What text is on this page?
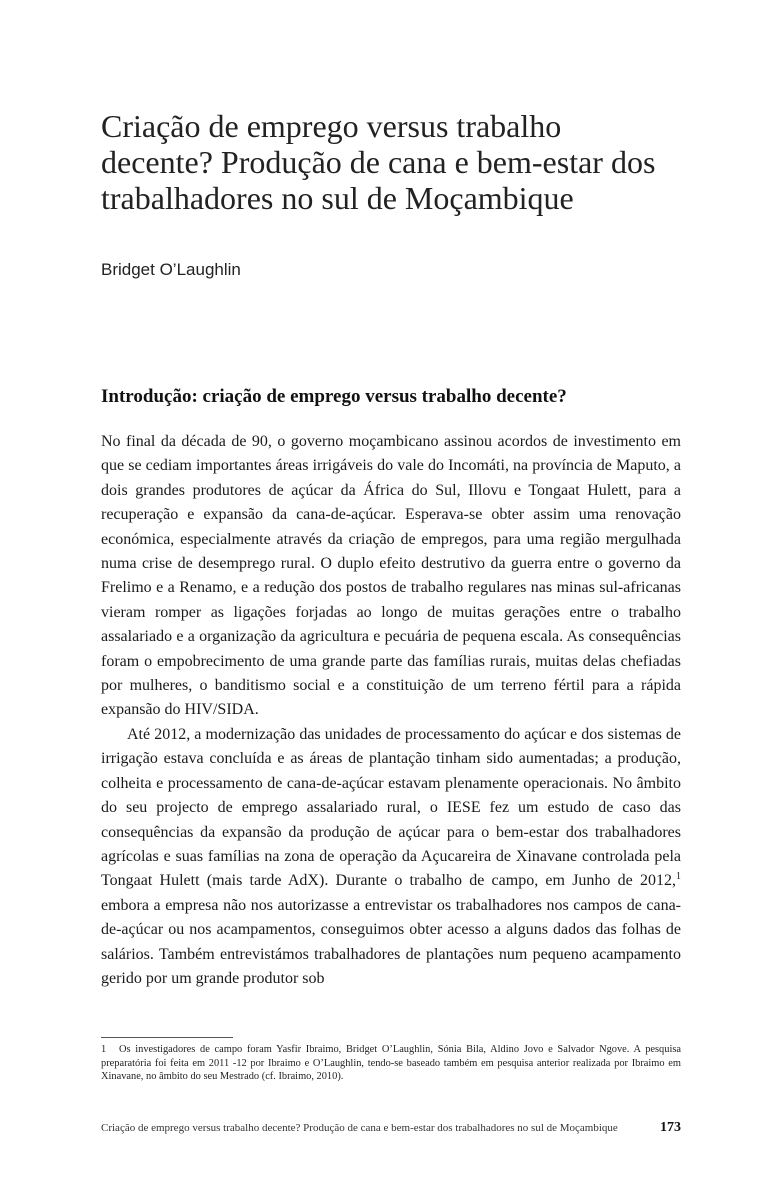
Criação de emprego versus trabalho
decente? Produção de cana e bem-estar dos
trabalhadores no sul de Moçambique
Bridget O’Laughlin
Introdução: criação de emprego versus trabalho decente?

No final da década de 90, o governo moçambicano assinou acordos de investimento em que se cediam importantes áreas irrigáveis do vale do Incomáti, na província de Maputo, a dois grandes produtores de açúcar da África do Sul, Illovu e Tongaat Hulett, para a recuperação e expansão da cana-de-açúcar. Esperava-se obter assim uma renovação económica, especialmente através da criação de empregos, para uma região mergulhada numa crise de desemprego rural. O duplo efeito destrutivo da guerra entre o governo da Frelimo e a Renamo, e a redução dos postos de trabalho regulares nas minas sul-africanas vieram romper as ligações forjadas ao longo de muitas gerações entre o trabalho assalariado e a organização da agricultura e pecuária de pequena escala. As consequências foram o empobrecimento de uma grande parte das famílias rurais, muitas delas chefiadas por mulheres, o banditismo social e a constituição de um terreno fértil para a rápida expansão do HIV/SIDA.

Até 2012, a modernização das unidades de processamento do açúcar e dos sistemas de irrigação estava concluída e as áreas de plantação tinham sido aumentadas; a produção, colheita e processamento de cana-de-açúcar estavam plenamente operacionais. No âmbito do seu projecto de emprego assalariado rural, o IESE fez um estudo de caso das consequências da expansão da produção de açúcar para o bem-estar dos trabalhadores agrícolas e suas famílias na zona de operação da Açucareira de Xinavane controlada pela Tongaat Hulett (mais tarde AdX). Durante o trabalho de campo, em Junho de 2012,$^1$ embora a empresa não nos autorizasse a entrevistar os trabalhadores nos campos de cana-de-açúcar ou nos acampamentos, conseguimos obter acesso a alguns dados das folhas de salários. Também entrevistámos trabalhadores de plantações num pequeno acampamento gerido por um grande produtor sob

1 Os investigadores de campo foram Yasfir Ibraimo, Bridget O’Laughlin, Sónia Bila, Aldino Jovo e Salvador Ngove. A pesquisa preparatória foi feita em 2011 -12 por Ibraimo e O’Laughlin, tendo-se baseado também em pesquisa anterior realizada por Ibraimo em Xinavane, no âmbito do seu Mestrado (cf. Ibraimo, 2010).
Criação de emprego versus trabalho decente? Produção de cana e bem-estar dos trabalhadores no sul de Moçambique	173
